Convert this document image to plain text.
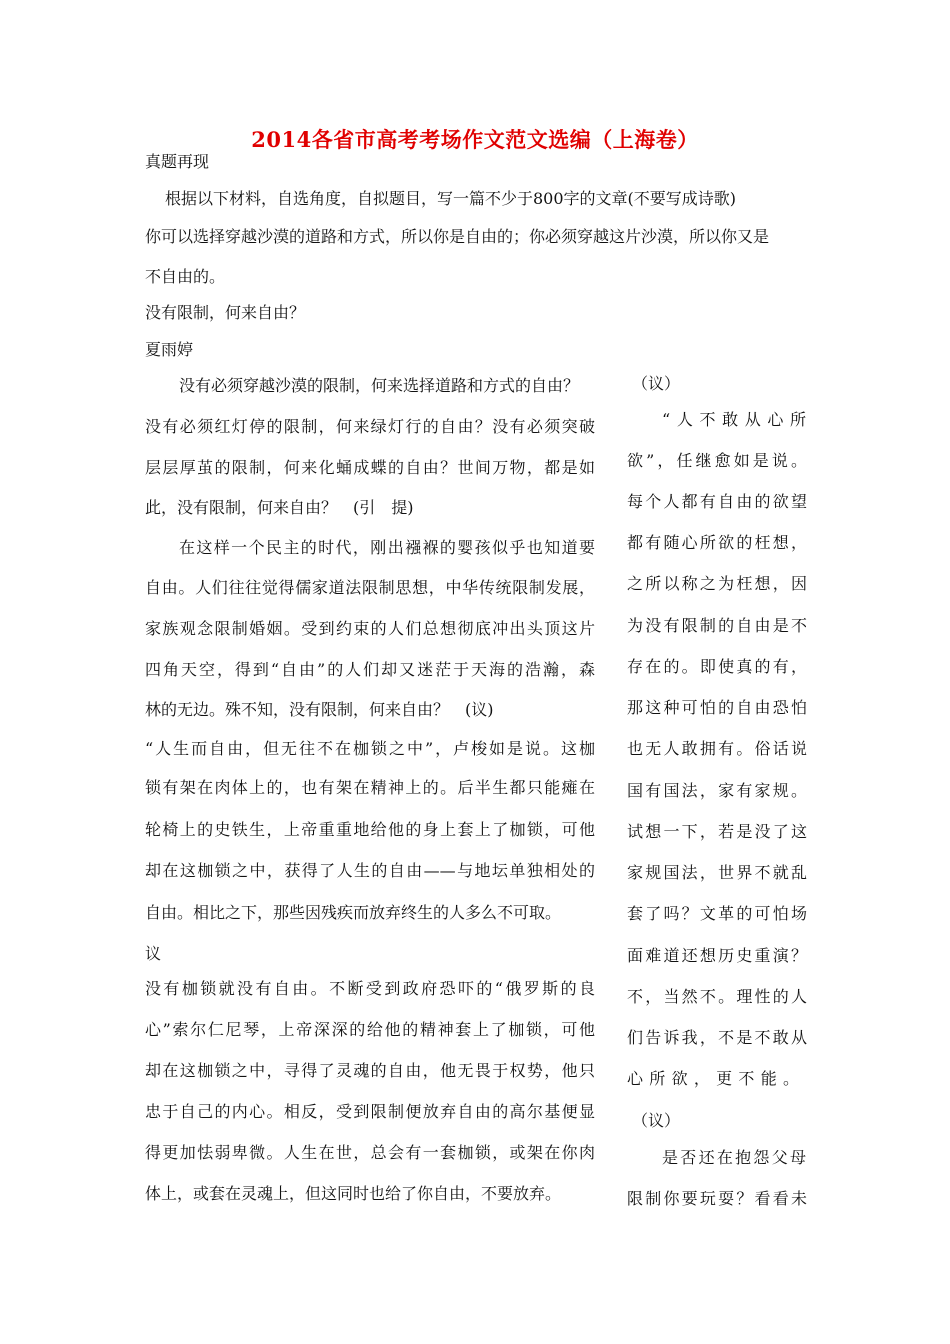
2014各省市高考考场作文范文选编（上海卷）
真题再现
根据以下材料，自选角度，自拟题目，写一篇不少于800字的文章(不要写成诗歌)
你可以选择穿越沙漠的道路和方式，所以你是自由的；你必须穿越这片沙漠，所以你又是
不自由的。
没有限制，何来自由？
夏雨婷
没有必须穿越沙漠的限制，何来选择道路和方式的自由？
没有必须红灯停的限制，何来绿灯行的自由？没有必须突破
层层厚茧的限制，何来化蛹成蝶的自由？世间万物，都是如
此，没有限制，何来自由？　(引　提)
在这样一个民主的时代，刚出襁褓的婴孩似乎也知道要
自由。人们往往觉得儒家道法限制思想，中华传统限制发展，
家族观念限制婚姻。受到约束的人们总想彻底冲出头顶这片
四角天空，得到“自由”的人们却又迷茫于天海的浩瀚，森
林的无边。殊不知，没有限制，何来自由？　(议)
“人生而自由，但无往不在枷锁之中”，卢梭如是说。这枷
锁有架在肉体上的，也有架在精神上的。后半生都只能瘫在
轮椅上的史铁生，上帝重重地给他的身上套上了枷锁，可他
却在这枷锁之中，获得了人生的自由——与地坛单独相处的
自由。相比之下，那些因残疾而放弃终生的人多么不可取。
议
没有枷锁就没有自由。不断受到政府恐吓的“俄罗斯的良
心”索尔仁尼琴，上帝深深的给他的精神套上了枷锁，可他
却在这枷锁之中，寻得了灵魂的自由，他无畏于权势，他只
忠于自己的内心。相反，受到限制便放弃自由的高尔基便显
得更加怯弱卑微。人生在世，总会有一套枷锁，或架在你肉
体上，或套在灵魂上，但这同时也给了你自由，不要放弃。
（议）
“人不敢从心所
欲”，任继愈如是说。
每个人都有自由的欲望
都有随心所欲的枉想，
之所以称之为枉想，因
为没有限制的自由是不
存在的。即使真的有，
那这种可怕的自由恐怕
也无人敢拥有。俗话说
国有国法，家有家规。
试想一下，若是没了这
家规国法，世界不就乱
套了吗？文革的可怕场
面难道还想历史重演？
不，当然不。理性的人
们告诉我，不是不敢从
心所欲，更不能。
（议）
是否还在抱怨父母
限制你要玩耍？看看未
